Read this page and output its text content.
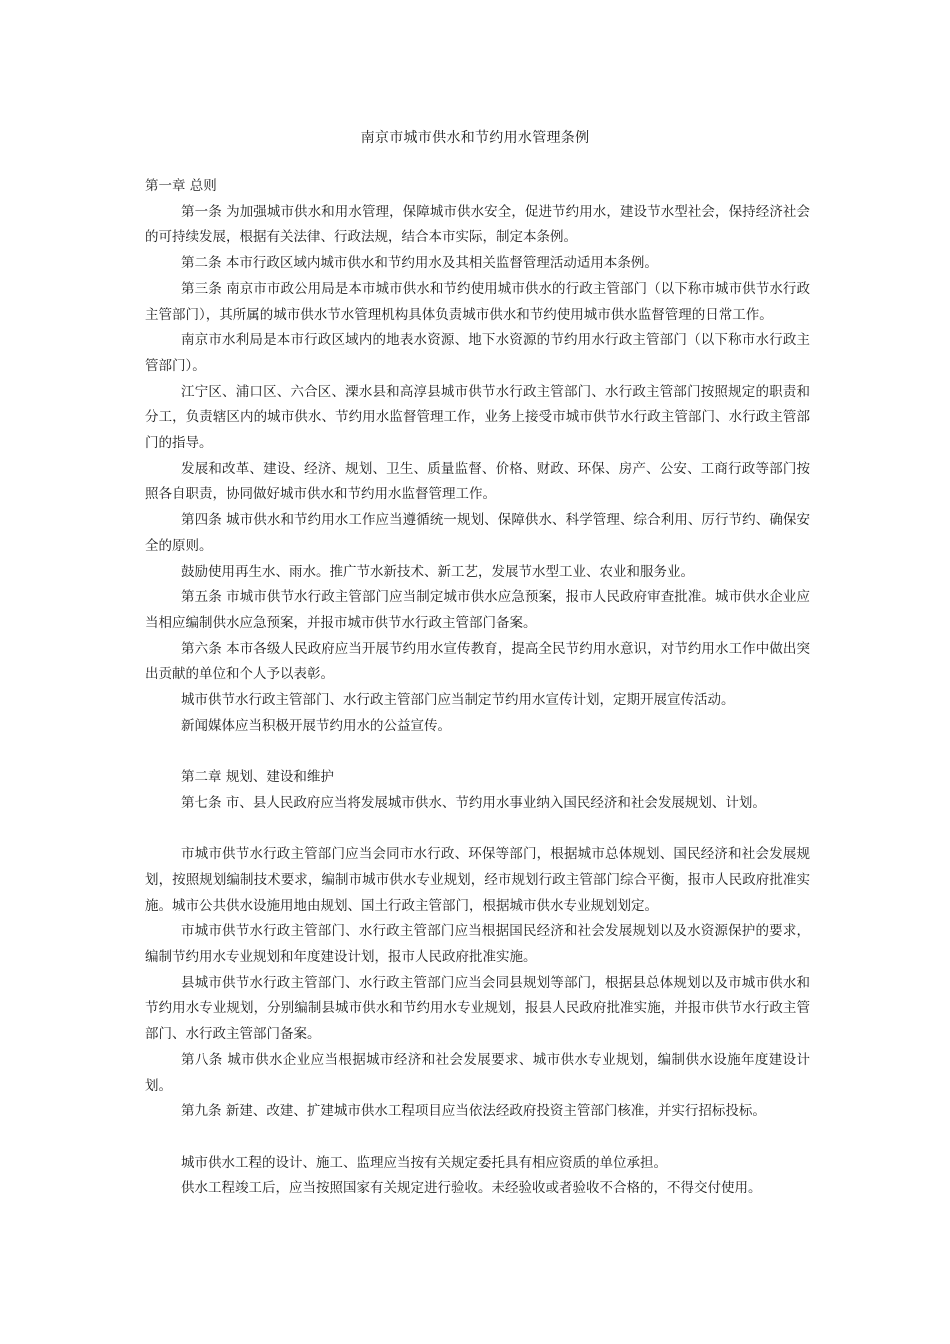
南京市城市供水和节约用水管理条例

第一章 总则

第一条 为加强城市供水和用水管理，保障城市供水安全，促进节约用水，建设节水型社会，保持经济社会的可持续发展，根据有关法律、行政法规，结合本市实际，制定本条例。

第二条 本市行政区域内城市供水和节约用水及其相关监督管理活动适用本条例。

第三条 南京市市政公用局是本市城市供水和节约使用城市供水的行政主管部门（以下称市城市供节水行政主管部门），其所属的城市供水节水管理机构具体负责城市供水和节约使用城市供水监督管理的日常工作。

南京市水利局是本市行政区域内的地表水资源、地下水资源的节约用水行政主管部门（以下称市水行政主管部门）。

江宁区、浦口区、六合区、溧水县和高淳县城市供节水行政主管部门、水行政主管部门按照规定的职责和分工，负责辖区内的城市供水、节约用水监督管理工作，业务上接受市城市供节水行政主管部门、水行政主管部门的指导。

发展和改革、建设、经济、规划、卫生、质量监督、价格、财政、环保、房产、公安、工商行政等部门按照各自职责，协同做好城市供水和节约用水监督管理工作。

第四条 城市供水和节约用水工作应当遵循统一规划、保障供水、科学管理、综合利用、厉行节约、确保安全的原则。

鼓励使用再生水、雨水。推广节水新技术、新工艺，发展节水型工业、农业和服务业。

第五条 市城市供节水行政主管部门应当制定城市供水应急预案，报市人民政府审查批准。城市供水企业应当相应编制供水应急预案，并报市城市供节水行政主管部门备案。

第六条 本市各级人民政府应当开展节约用水宣传教育，提高全民节约用水意识，对节约用水工作中做出突出贡献的单位和个人予以表彰。

城市供节水行政主管部门、水行政主管部门应当制定节约用水宣传计划，定期开展宣传活动。

新闻媒体应当积极开展节约用水的公益宣传。

第二章 规划、建设和维护

第七条 市、县人民政府应当将发展城市供水、节约用水事业纳入国民经济和社会发展规划、计划。

市城市供节水行政主管部门应当会同市水行政、环保等部门，根据城市总体规划、国民经济和社会发展规划，按照规划编制技术要求，编制市城市供水专业规划，经市规划行政主管部门综合平衡，报市人民政府批准实施。城市公共供水设施用地由规划、国土行政主管部门，根据城市供水专业规划划定。

市城市供节水行政主管部门、水行政主管部门应当根据国民经济和社会发展规划以及水资源保护的要求，编制节约用水专业规划和年度建设计划，报市人民政府批准实施。

县城市供节水行政主管部门、水行政主管部门应当会同县规划等部门，根据县总体规划以及市城市供水和节约用水专业规划，分别编制县城市供水和节约用水专业规划，报县人民政府批准实施，并报市供节水行政主管部门、水行政主管部门备案。

第八条 城市供水企业应当根据城市经济和社会发展要求、城市供水专业规划，编制供水设施年度建设计划。

第九条 新建、改建、扩建城市供水工程项目应当依法经政府投资主管部门核准，并实行招标投标。

城市供水工程的设计、施工、监理应当按有关规定委托具有相应资质的单位承担。

供水工程竣工后，应当按照国家有关规定进行验收。未经验收或者验收不合格的，不得交付使用。
